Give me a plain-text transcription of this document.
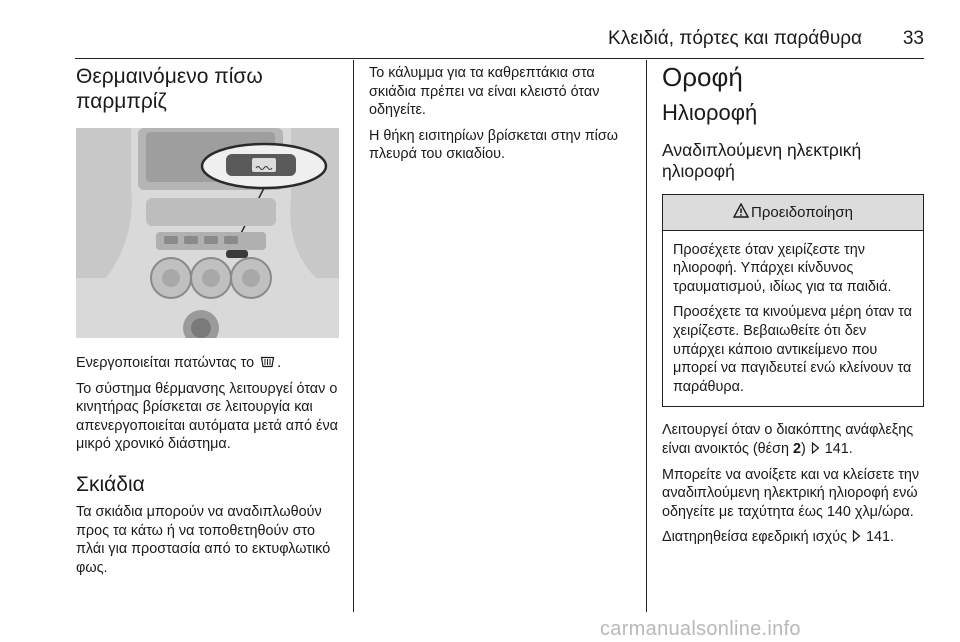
Κλειδιά, πόρτες και παράθυρα 33
Θερμαινόμενο πίσω παρμπρίζ

Ενεργοποιείται πατώντας το .

Το σύστημα θέρμανσης λειτουργεί όταν ο κινητήρας βρίσκεται σε λειτουργία και απενεργοποιείται αυτόματα μετά από ένα μικρό χρονικό διάστημα.

Σκιάδια

Τα σκιάδια μπορούν να αναδιπλωθούν προς τα κάτω ή να τοποθετηθούν στο πλάι για προστασία από το εκτυφλωτικό φως.

Το κάλυμμα για τα καθρεπτάκια στα σκιάδια πρέπει να είναι κλειστό όταν οδηγείτε.

Η θήκη εισιτηρίων βρίσκεται στην πίσω πλευρά του σκιαδίου.

Οροφή
Ηλιοροφή
Αναδιπλούμενη ηλεκτρική ηλιοροφή
Προειδοποίηση

Προσέχετε όταν χειρίζεστε την ηλιοροφή. Υπάρχει κίνδυνος τραυματισμού, ιδίως για τα παιδιά.

Προσέχετε τα κινούμενα μέρη όταν τα χειρίζεστε. Βεβαιωθείτε ότι δεν υπάρχει κάποιο αντικείμενο που μπορεί να παγιδευτεί ενώ κλείνουν τα παράθυρα.

Λειτουργεί όταν ο διακόπτης ανάφλεξης είναι ανοικτός (θέση 2)  141.

Μπορείτε να ανοίξετε και να κλείσετε την αναδιπλούμενη ηλεκτρική ηλιοροφή ενώ οδηγείτε με ταχύτητα έως 140 χλμ/ώρα.

Διατηρηθείσα εφεδρική ισχύς  141.

carmanualsonline.info
